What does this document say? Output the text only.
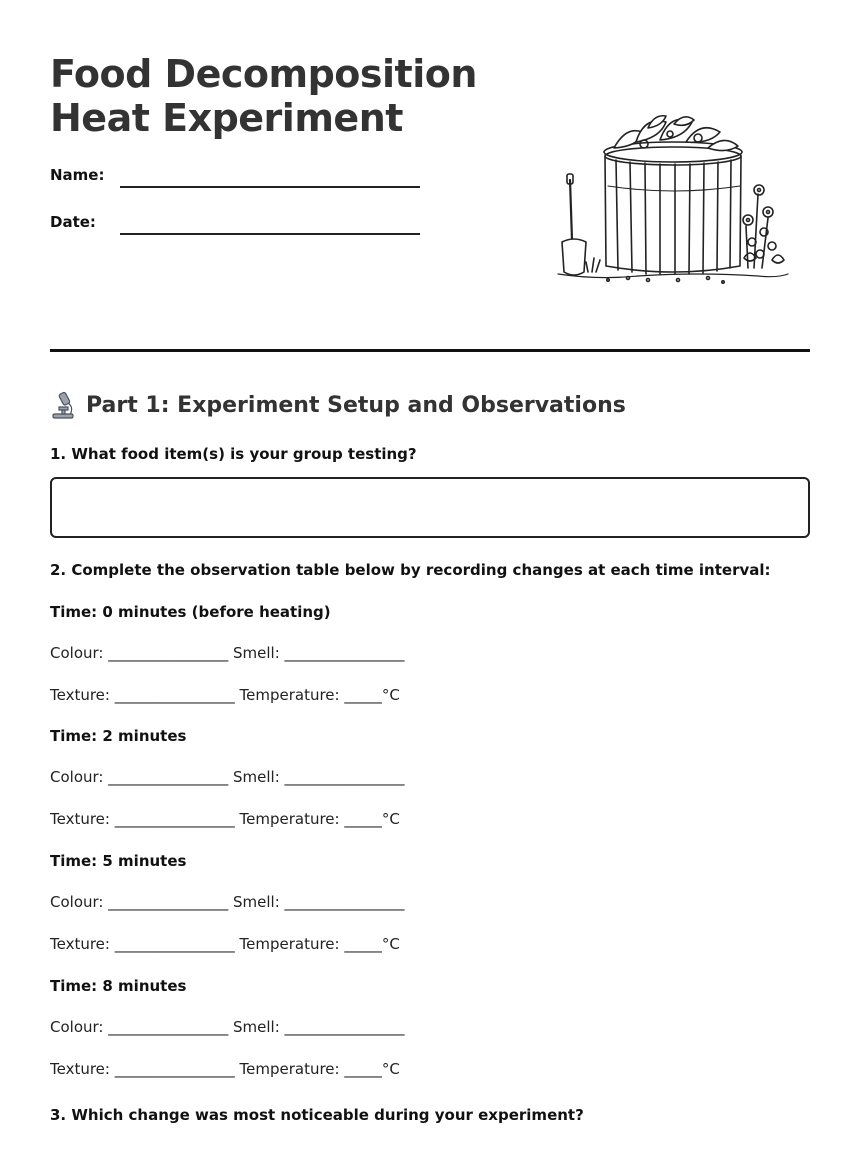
Food Decomposition
Heat Experiment
Name:
Date:
Part 1: Experiment Setup and Observations
1. What food item(s) is your group testing?
2. Complete the observation table below by recording changes at each time interval:
Time: 0 minutes (before heating)
Colour: ________________ Smell: ________________
Texture: ________________ Temperature: _____°C
Time: 2 minutes
Colour: ________________ Smell: ________________
Texture: ________________ Temperature: _____°C
Time: 5 minutes
Colour: ________________ Smell: ________________
Texture: ________________ Temperature: _____°C
Time: 8 minutes
Colour: ________________ Smell: ________________
Texture: ________________ Temperature: _____°C
3. Which change was most noticeable during your experiment?
